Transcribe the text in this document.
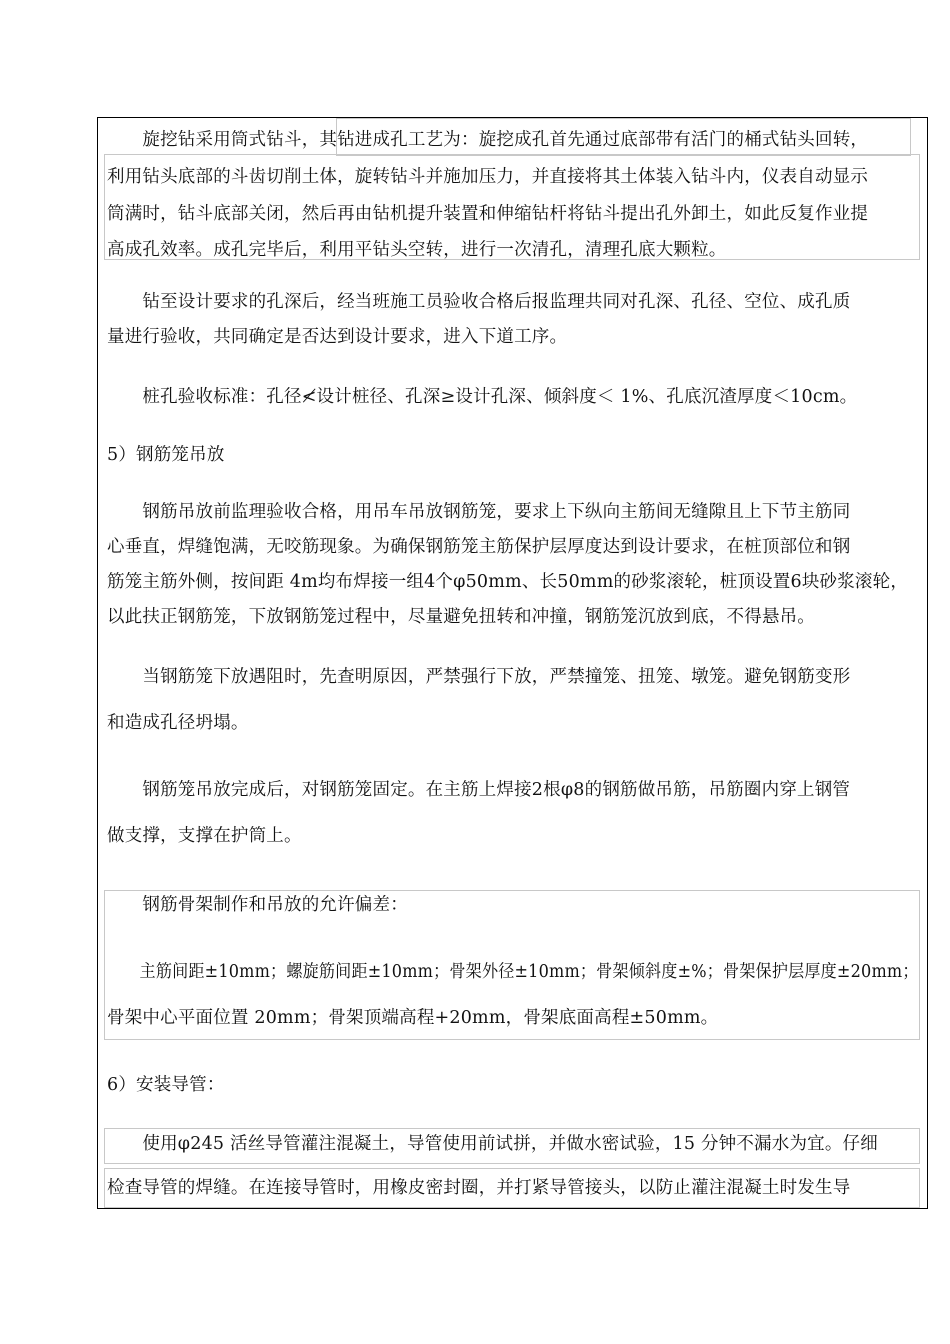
　　旋挖钻采用筒式钻斗，其钻进成孔工艺为：旋挖成孔首先通过底部带有活门的桶式钻头回转，
利用钻头底部的斗齿切削土体，旋转钻斗并施加压力，并直接将其土体装入钻斗内，仪表自动显示
筒满时，钻斗底部关闭，然后再由钻机提升装置和伸缩钻杆将钻斗提出孔外卸土，如此反复作业提
高成孔效率。成孔完毕后，利用平钻头空转，进行一次清孔，清理孔底大颗粒。
　　钻至设计要求的孔深后，经当班施工员验收合格后报监理共同对孔深、孔径、空位、成孔质
量进行验收，共同确定是否达到设计要求，进入下道工序。
　　桩孔验收标准：孔径≮设计桩径、孔深≥设计孔深、倾斜度＜ 1%、孔底沉渣厚度＜10cm。
5）钢筋笼吊放
　　钢筋吊放前监理验收合格，用吊车吊放钢筋笼，要求上下纵向主筋间无缝隙且上下节主筋同
心垂直，焊缝饱满，无咬筋现象。为确保钢筋笼主筋保护层厚度达到设计要求，在桩顶部位和钢
筋笼主筋外侧，按间距 4m均布焊接一组4个φ50mm、长50mm的砂浆滚轮，桩顶设置6块砂浆滚轮，
以此扶正钢筋笼，下放钢筋笼过程中，尽量避免扭转和冲撞，钢筋笼沉放到底，不得悬吊。
　　当钢筋笼下放遇阻时，先查明原因，严禁强行下放，严禁撞笼、扭笼、墩笼。避免钢筋变形
和造成孔径坍塌。
　　钢筋笼吊放完成后，对钢筋笼固定。在主筋上焊接2根φ8的钢筋做吊筋，吊筋圈内穿上钢管
做支撑，支撑在护筒上。
　　钢筋骨架制作和吊放的允许偏差：
　　主筋间距±10mm；螺旋筋间距±10mm；骨架外径±10mm；骨架倾斜度±%；骨架保护层厚度±20mm；
骨架中心平面位置 20mm；骨架顶端高程+20mm，骨架底面高程±50mm。
6）安装导管：
　　使用φ245 活丝导管灌注混凝土，导管使用前试拼，并做水密试验，15 分钟不漏水为宜。仔细
检查导管的焊缝。在连接导管时，用橡皮密封圈，并打紧导管接头，以防止灌注混凝土时发生导
